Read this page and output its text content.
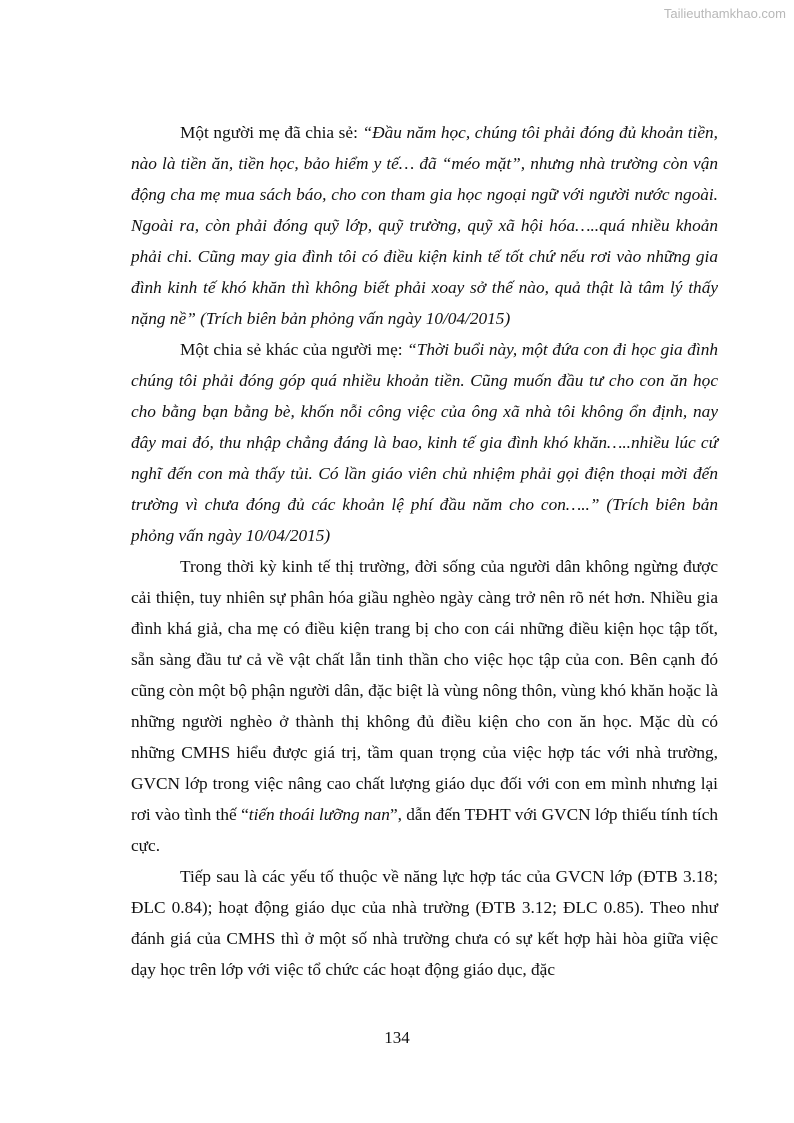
Tailieuthamkhao.com

Một người mẹ đã chia sẻ: “Đầu năm học, chúng tôi phải đóng đủ khoản tiền, nào là tiền ăn, tiền học, bảo hiểm y tế… đã “méo mặt”, nhưng nhà trường còn vận động cha mẹ mua sách báo, cho con tham gia học ngoại ngữ với người nước ngoài. Ngoài ra, còn phải đóng quỹ lớp, quỹ trường, quỹ xã hội hóa…..quá nhiều khoản phải chi. Cũng may gia đình tôi có điều kiện kinh tế tốt chứ nếu rơi vào những gia đình kinh tế khó khăn thì không biết phải xoay sở thế nào, quả thật là tâm lý thấy nặng nề” (Trích biên bản phỏng vấn ngày 10/04/2015)

Một chia sẻ khác của người mẹ: “Thời buổi này, một đứa con đi học gia đình chúng tôi phải đóng góp quá nhiều khoản tiền. Cũng muốn đầu tư cho con ăn học cho bằng bạn bằng bè, khốn nỗi công việc của ông xã nhà tôi không ổn định, nay đây mai đó, thu nhập chẳng đáng là bao, kinh tế gia đình khó khăn…..nhiều lúc cứ nghĩ đến con mà thấy tủi. Có lần giáo viên chủ nhiệm phải gọi điện thoại mời đến trường vì chưa đóng đủ các khoản lệ phí đầu năm cho con…..” (Trích biên bản phỏng vấn ngày 10/04/2015)

Trong thời kỳ kinh tế thị trường, đời sống của người dân không ngừng được cải thiện, tuy nhiên sự phân hóa giầu nghèo ngày càng trở nên rõ nét hơn. Nhiều gia đình khá giả, cha mẹ có điều kiện trang bị cho con cái những điều kiện học tập tốt, sẵn sàng đầu tư cả về vật chất lẫn tinh thần cho việc học tập của con. Bên cạnh đó cũng còn một bộ phận người dân, đặc biệt là vùng nông thôn, vùng khó khăn hoặc là những người nghèo ở thành thị không đủ điều kiện cho con ăn học. Mặc dù có những CMHS hiểu được giá trị, tầm quan trọng của việc hợp tác với nhà trường, GVCN lớp trong việc nâng cao chất lượng giáo dục đối với con em mình nhưng lại rơi vào tình thế “tiến thoái lưỡng nan”, dẫn đến TĐHT với GVCN lớp thiếu tính tích cực.

Tiếp sau là các yếu tố thuộc về năng lực hợp tác của GVCN lớp (ĐTB 3.18; ĐLC 0.84); hoạt động giáo dục của nhà trường (ĐTB 3.12; ĐLC 0.85). Theo như đánh giá của CMHS thì ở một số nhà trường chưa có sự kết hợp hài hòa giữa việc dạy học trên lớp với việc tổ chức các hoạt động giáo dục, đặc

134
